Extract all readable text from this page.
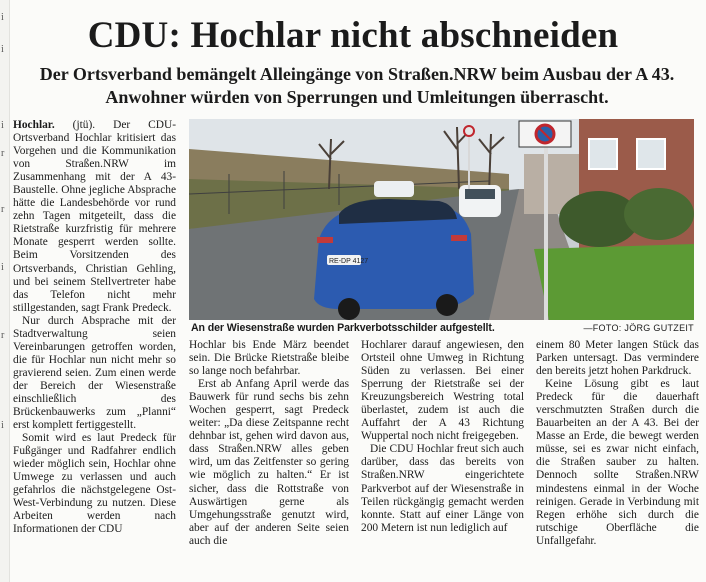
i
i
i
r
r
i
r
i
CDU: Hochlar nicht abschneiden

Der Ortsverband bemängelt Alleingänge von Straßen.NRW beim Ausbau der A 43. Anwohner würden von Sperrungen und Umleitungen überrascht.

Hochlar. (jtü). Der CDU-Ortsverband Hochlar kritisiert das Vorgehen und die Kommunikation von Straßen.NRW im Zusammenhang mit der A 43-Baustelle. Ohne jegliche Absprache hätte die Landesbehörde vor rund zehn Tagen mitgeteilt, dass die Rietstraße kurzfristig für mehrere Monate gesperrt werden sollte. Beim Vorsitzenden des Ortsverbands, Christian Gehling, und bei seinem Stellvertreter habe das Telefon nicht mehr stillgestanden, sagt Frank Predeck.

Nur durch Absprache mit der Stadtverwaltung seien Vereinbarungen getroffen worden, die für Hochlar nun nicht mehr so gravierend seien. Zum einen werde der Bereich der Wiesenstraße einschließlich des Brückenbauwerks zum „Planni“ erst komplett fertiggestellt.

Somit wird es laut Predeck für Fußgänger und Radfahrer endlich wieder möglich sein, Hochlar ohne Umwege zu verlassen und auch gefahrlos die nächstgelegene Ost-West-Verbindung zu nutzen. Diese Arbeiten werden nach Informationen der CDU

RE-DP 4127
An der Wiesenstraße wurden Parkverbotsschilder aufgestellt.	—FOTO: JÖRG GUTZEIT

Hochlar bis Ende März beendet sein. Die Brücke Rietstraße bleibe so lange noch befahrbar.

Erst ab Anfang April werde das Bauwerk für rund sechs bis zehn Wochen gesperrt, sagt Predeck weiter: „Da diese Zeitspanne recht dehnbar ist, gehen wird davon aus, dass Straßen.NRW alles geben wird, um das Zeitfenster so gering wie möglich zu halten.“ Er ist sicher, dass die Rottstraße von Auswärtigen gerne als Umgehungsstraße genutzt wird, aber auf der anderen Seite seien auch die

Hochlarer darauf angewiesen, den Ortsteil ohne Umweg in Richtung Süden zu verlassen. Bei einer Sperrung der Rietstraße sei der Kreuzungsbereich Westring total überlastet, zudem ist auch die Auffahrt der A 43 Richtung Wuppertal noch nicht freigegeben.

Die CDU Hochlar freut sich auch darüber, dass das bereits von Straßen.NRW eingerichtete Parkverbot auf der Wiesenstraße in Teilen rückgängig gemacht werden konnte. Statt auf einer Länge von 200 Metern ist nun lediglich auf

einem 80 Meter langen Stück das Parken untersagt. Das vermindere den bereits jetzt hohen Parkdruck.

Keine Lösung gibt es laut Predeck für die dauerhaft verschmutzten Straßen durch die Bauarbeiten an der A 43. Bei der Masse an Erde, die bewegt werden müsse, sei es zwar nicht einfach, die Straßen sauber zu halten. Dennoch sollte Straßen.NRW mindestens einmal in der Woche reinigen. Gerade in Verbindung mit Regen erhöhe sich durch die rutschige Oberfläche die Unfallgefahr.
